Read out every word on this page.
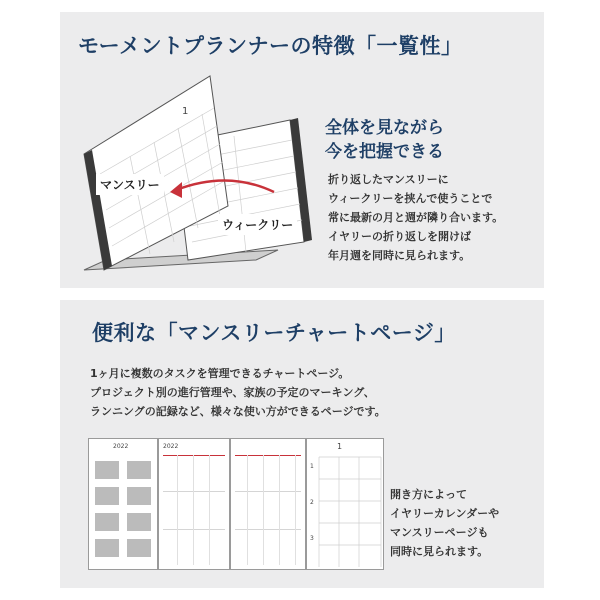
モーメントプランナーの特徴「一覧性」
1
マンスリー
ウィークリー
全体を見ながら
今を把握できる
折り返したマンスリーに
ウィークリーを挟んで使うことで
常に最新の月と週が隣り合います。
イヤリーの折り返しを開けば
年月週を同時に見られます。
便利な「マンスリーチャートページ」
1ヶ月に複数のタスクを管理できるチャートページ。
プロジェクト別の進行管理や、家族の予定のマーキング、
ランニングの記録など、様々な使い方ができるページです。
2022	2022	1
1
2
3
開き方によって
イヤリーカレンダーや
マンスリーページも
同時に見られます。
